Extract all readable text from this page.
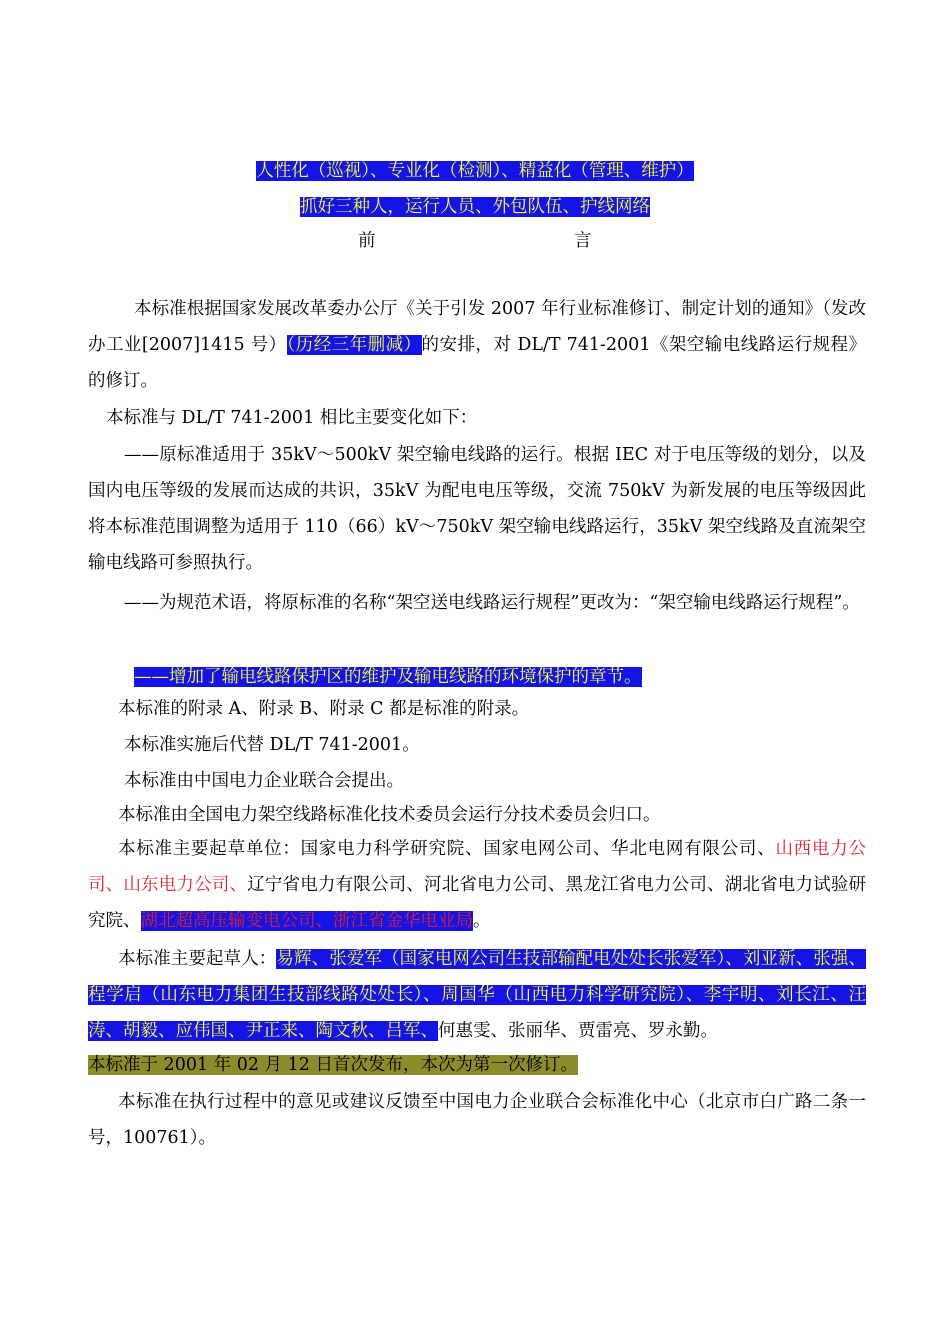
人性化（巡视）、专业化（检测）、精益化（管理、维护）
抓好三种人，运行人员、外包队伍、护线网络
前	言
本标准根据国家发展改革委办公厅《关于引发 2007 年行业标准修订、制定计划的通知》（发改办工业[2007]1415 号）（历经三年删减）的安排，对 DL/T 741-2001《架空输电线路运行规程》的修订。
本标准与 DL/T 741-2001 相比主要变化如下：
——原标准适用于 35kV～500kV 架空输电线路的运行。根据 IEC 对于电压等级的划分，以及国内电压等级的发展而达成的共识，35kV 为配电电压等级，交流 750kV 为新发展的电压等级因此将本标准范围调整为适用于 110（66）kV～750kV 架空输电线路运行，35kV 架空线路及直流架空输电线路可参照执行。
——为规范术语，将原标准的名称“架空送电线路运行规程”更改为：“架空输电线路运行规程”。
——增加了输电线路保护区的维护及输电线路的环境保护的章节。
本标准的附录 A、附录 B、附录 C 都是标准的附录。
本标准实施后代替 DL/T 741-2001。
本标准由中国电力企业联合会提出。
本标准由全国电力架空线路标准化技术委员会运行分技术委员会归口。
本标准主要起草单位：国家电力科学研究院、国家电网公司、华北电网有限公司、山西电力公司、山东电力公司、辽宁省电力有限公司、河北省电力公司、黑龙江省电力公司、湖北省电力试验研究院、湖北超高压输变电公司、浙江省金华电业局。
本标准主要起草人：易辉、张爱军（国家电网公司生技部输配电处处长张爱军）、刘亚新、张强、程学启（山东电力集团生技部线路处处长）、周国华（山西电力科学研究院）、李宇明、刘长江、汪涛、胡毅、应伟国、尹正来、陶文秋、吕军、何惠雯、张丽华、贾雷亮、罗永勤。
本标准于 2001 年 02 月 12 日首次发布，本次为第一次修订。
本标准在执行过程中的意见或建议反馈至中国电力企业联合会标准化中心（北京市白广路二条一号，100761）。
